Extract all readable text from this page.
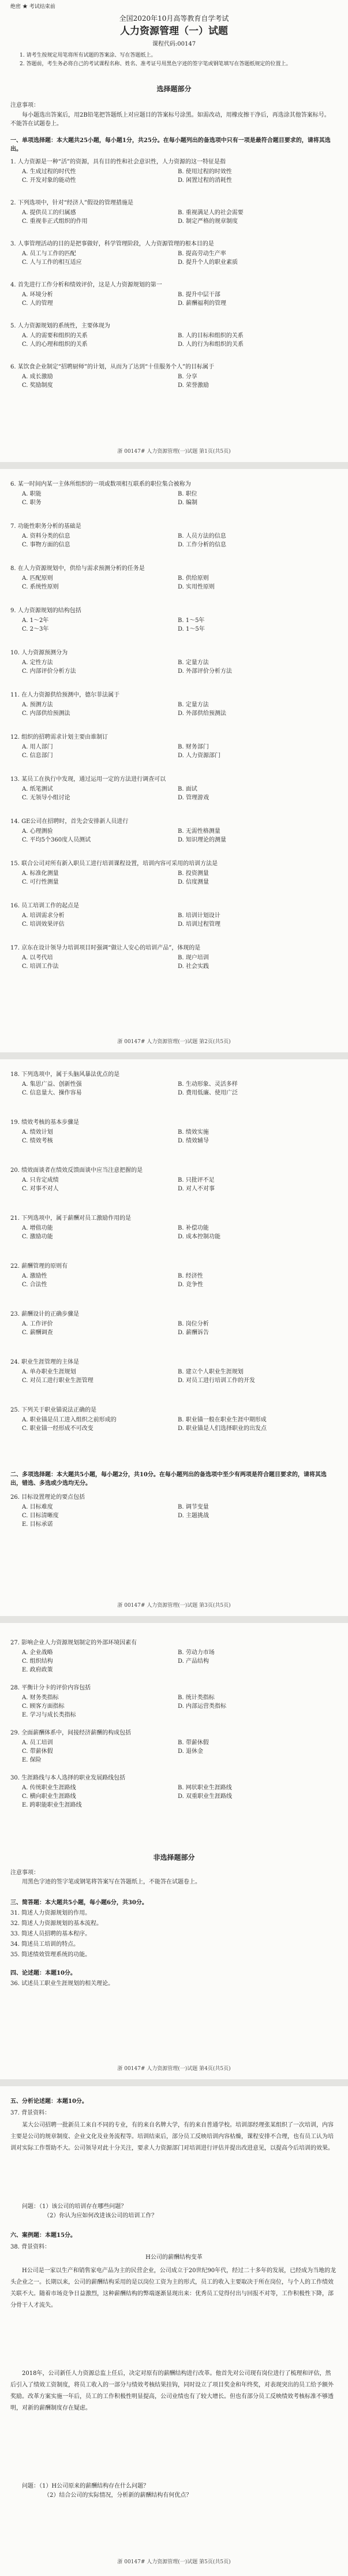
绝密 ★ 考试结束前
全国2020年10月高等教育自学考试
人力资源管理（一）试题
课程代码:00147
1. 请考生按规定用笔将所有试题的答案涂、写在答题纸上。
2. 答题前，考生务必将自己的考试课程名称、姓名、准考证号用黑色字迹的签字笔或钢笔填写在答题纸规定的位置上。
选择题部分
注意事项：
每小题选出答案后，用2B铅笔把答题纸上对应题目的答案标号涂黑。如需改动，用橡皮擦干净后，再选涂其他答案标号。不能答在试题卷上。
一、单项选择题：本大题共25小题，每小题1分，共25分。在每小题列出的备选项中只有一项是最符合题目要求的，请将其选出。
1. 人力资源是一种“活”的资源，具有目的性和社会意识性，人力资源的这一特征是指
A. 生成过程的时代性	B. 使用过程的时效性
C. 开发对象的能动性	D. 闲置过程的消耗性
2. 下列选项中，针对“经济人”假设的管理措施是
A. 提供员工的归属感	B. 重视满足人的社会需要
C. 重视非正式组织的作用	D. 制定严格的规章制度
3. 人事管理活动的目的是把事做好，科学管理阶段，人力资源管理的根本目的是
A. 员工与工作的匹配	B. 提高劳动生产率
C. 人与工作的相互适应	D. 提升个人的职业素质
4. 首先进行工作分析和绩效评价，这是人力资源规划的第一
A. 环境分析	B. 提升中层干部
C. 人的管理	D. 薪酬福利的管理
5. 人力资源规划的系统性，主要体现为
A. 人的需要和组织的关系	B. 人的目标和组织的关系
C. 人的心理和组织的关系	D. 人的行为和组织的关系
6. 某饮食企业制定“招聘厨师”的计划，从而为了达到“十佳服务个人”的目标属于
A. 成长激励	B. 分享
C. 奖励制度	D. 荣誉激励
浙 00147# 人力资源管理(一)试题 第1页(共5页)
6. 某一时间内某一主体所组织的一项或数项相互联系的职位集合被称为
A. 职能	B. 职位
C. 职务	D. 编制
7. 功能性职务分析的基础是
A. 资料分类的信息	B. 人员方法的信息
C. 事物方面的信息	D. 工作分析的信息
8. 在人力资源规划中，供给与需求预测分析的任务是
A. 匹配原则	B. 供给原则
C. 系统性原则	D. 实用性原则
9. 人力资源规划的结构包括
A. 1～2年	B. 1～5年
C. 2～3年	D. 1～5年
10. 人力资源预测分为
A. 定性方法	B. 定量方法
C. 内部评价分析方法	D. 外部评价分析方法
11. 在人力资源供给预测中，德尔菲法属于
A. 预测方法	B. 定量方法
C. 内部供给预测法	D. 外部供给预测法
12. 组织的招聘需求计划主要由谁制订
A. 用人部门	B. 财务部门
C. 信息部门	D. 人力资源部门
13. 某员工在执行中发现，通过运用一定的方法进行调查可以
A. 纸笔测试	B. 面试
C. 无领导小组讨论	D. 管理游戏
14. GE公司在招聘时，首先会安排新人员进行
A. 心理测验	B. 无需性格测量
C. 平均5个360度人员测试	D. 知识理论的测量
15. 联合公司对所有新入职员工进行培训课程设置，培训内容可采用的培训方法是
A. 标准化测量	B. 投资测量
C. 可行性测量	D. 信度测量
16. 员工培训工作的起点是
A. 培训需求分析	B. 培训计划设计
C. 培训效果评估	D. 培训过程管理
17. 京东在设计领导力培训项目时强调“做让人安心的培训产品”，体现的是
A. 以考代培	B. 现户培训
C. 培训工作法	D. 社会实践
浙 00147# 人力资源管理(一)试题 第2页(共5页)
18. 下列选项中，属于头脑风暴法优点的是
A. 集思广益、创新性强	B. 生动形象、灵活多样
C. 信息量大、操作容易	D. 费用低廉、使用广泛
19. 绩效考核的基本步骤是
A. 绩效计划	B. 绩效实施
C. 绩效考核	D. 绩效辅导
20. 绩效面谈者在绩效反馈面谈中应当注意把握的是
A. 只肯定成绩	B. 只批评不足
C. 对事不对人	D. 对人不对事
21. 下列选项中，属于薪酬对员工激励作用的是
A. 增值功能	B. 补偿功能
C. 激励功能	D. 成本控制功能
22. 薪酬管理的原则有
A. 激励性	B. 经济性
C. 合法性	D. 竞争性
23. 薪酬设计的正确步骤是
A. 工作评价	B. 岗位分析
C. 薪酬调查	D. 薪酬诉告
24. 职业生涯管理的主体是
A. 单办职业生涯规划	B. 建立个人职业生涯规划
C. 对员工进行职业生涯管理	D. 对员工进行培训工作的开发
25. 下列关于职业锚说法正确的是
A. 职业锚是员工进入组织之前形成的	B. 职业锚一般在职业生涯中期形成
C. 职业锚一经形成不可改变	D. 职业锚是人们选择职业的出发点
二、多项选择题：本大题共5小题，每小题2分，共10分。在每小题列出的备选项中至少有两项是符合题目要求的，请将其选出，错选、多选或少选均无分。
26. 目标设置理论的要点包括
A. 目标难度	B. 调节变量
C. 目标清晰度	D. 主题挑战
E. 目标承诺
浙 00147# 人力资源管理(一)试题 第3页(共5页)
27. 影响企业人力资源规划制定的外部环境因素有
A. 企业战略	B. 劳动力市场
C. 组织结构	D. 产品结构
E. 政府政策
28. 平衡计分卡的评价内容包括
A. 财务类指标	B. 统计类指标
C. 顾客方面指标	D. 内部运营类指标
E. 学习与成长类指标
29. 全面薪酬体系中，间接经济薪酬的构成包括
A. 员工培训	B. 带薪休假
C. 带薪休假	D. 退休金
E. 保险
30. 生涯路线与本人选择的职业发展路线包括
A. 传统职业生涯路线	B. 网状职业生涯路线
C. 横向职业生涯路线	D. 双重职业生涯路线
E. 跨职能职业生涯路线
非选择题部分
注意事项：
用黑色字迹的签字笔或钢笔将答案写在答题纸上，不能答在试题卷上。
三、简答题：本大题共5小题，每小题6分，共30分。
31. 简述人力资源规划的作用。
32. 简述人力资源规划的基本流程。
33. 简述人员招聘的基本程序。
34. 简述员工培训的特点。
35. 简述绩效管理系统的功能。
四、论述题：本题10分。
36. 试述员工职业生涯规划的相关理论。
浙 00147# 人力资源管理(一)试题 第4页(共5页)
五、分析论述题：本题10分。
37. 背景资料：
某大公司招聘一批新员工来自不同的专业，有的来自名牌大学，有的来自普通学校。培训部经理张某组织了一次培训，内容主要是公司的规章制度、企业文化及业务流程等。培训结束后，部分员工反映培训内容枯燥，课程安排不合理，也有员工认为培训对实际工作帮助不大。公司领导对此十分关注，要求人力资源部门对培训进行评估并提出改进意见，以提高今后培训的效果。
问题：（1）该公司的培训存在哪些问题？
（2）你认为应如何改进该公司的培训工作？
六、案例题：本题15分。
38. 背景资料：
H公司的薪酬结构变革
H公司是一家以生产和销售家电产品为主的民营企业，公司成立于20世纪90年代，经过二十多年的发展，已经成为当地的龙头企业之一。长期以来，公司的薪酬结构采用的是以岗位工资为主的形式，员工的收入主要取决于所在岗位，与个人的工作绩效关联不大。随着市场竞争日益激烈，这种薪酬结构的弊端逐渐显现出来：优秀员工觉得付出与回报不对等，工作积极性下降，部分骨干人才流失。
2018年，公司新任人力资源总监上任后，决定对原有的薪酬结构进行改革。他首先对公司现有岗位进行了梳理和评估，然后引入了绩效工资制度，将员工收入的一部分与绩效考核结果挂钩，同时设立了项目奖金和年终奖，对表现突出的员工给予额外奖励。改革方案实施一年后，员工的工作积极性明显提高，公司业绩也有了较大增长。但也有部分员工反映绩效考核标准不够透明，对新的薪酬制度存在疑虑。
问题：（1）H公司原来的薪酬结构存在什么问题？
（2）结合公司的实际情况，分析新的薪酬结构有何优点？
浙 00147# 人力资源管理(一)试题 第5页(共5页)
